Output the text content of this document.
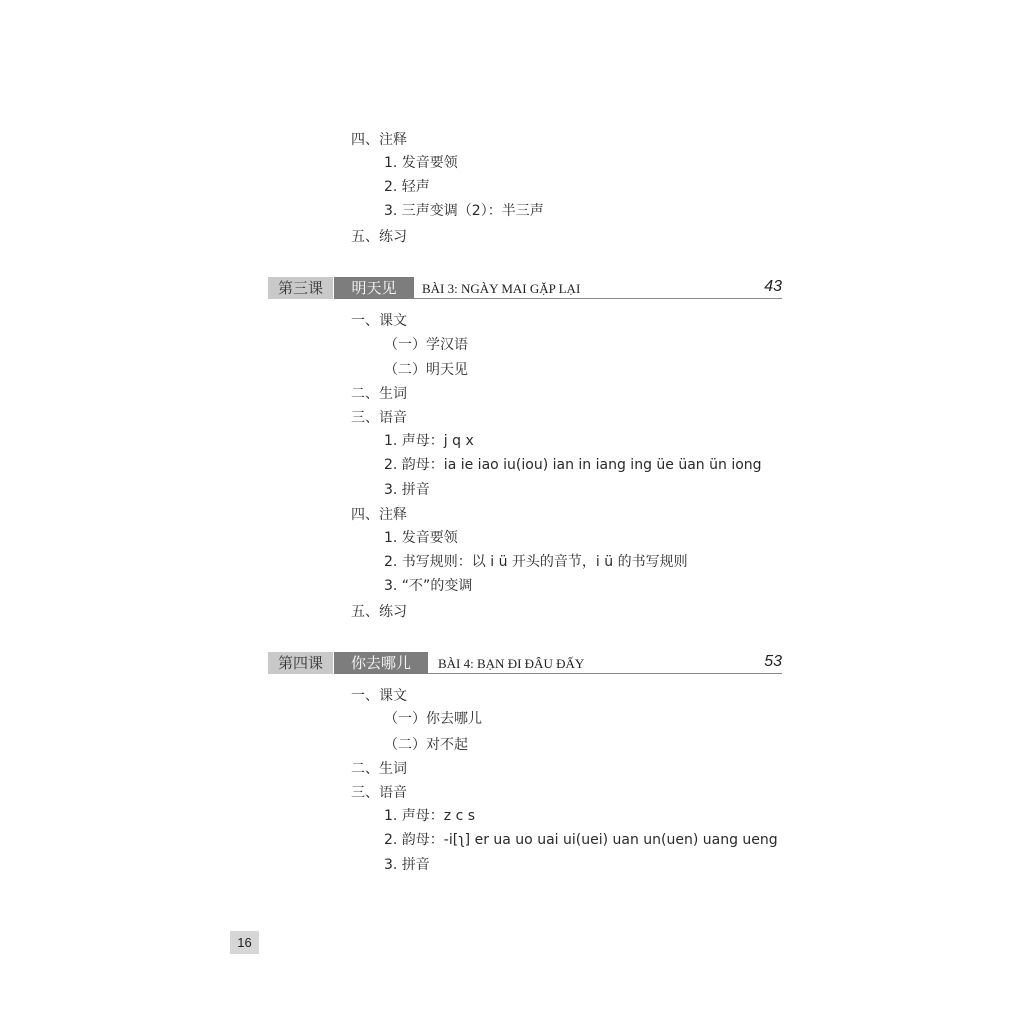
四、注释
1. 发音要领
2. 轻声
3. 三声变调（2）：半三声
五、练习
第三课	明天见	BÀI 3: NGÀY MAI GẶP LẠI	43
一、课文
（一）学汉语
（二）明天见
二、生词
三、语音
1. 声母：j q x
2. 韵母：ia ie iao iu(iou) ian in iang ing üe üan ün iong
3. 拼音
四、注释
1. 发音要领
2. 书写规则：以 i ü 开头的音节，i ü 的书写规则
3. “不”的变调
五、练习
第四课	你去哪儿	BÀI 4: BẠN ĐI ĐÂU ĐẤY	53
一、课文
（一）你去哪儿
（二）对不起
二、生词
三、语音
1. 声母：z c s
2. 韵母：-i[ʅ] er ua uo uai ui(uei) uan un(uen) uang ueng
3. 拼音
16
